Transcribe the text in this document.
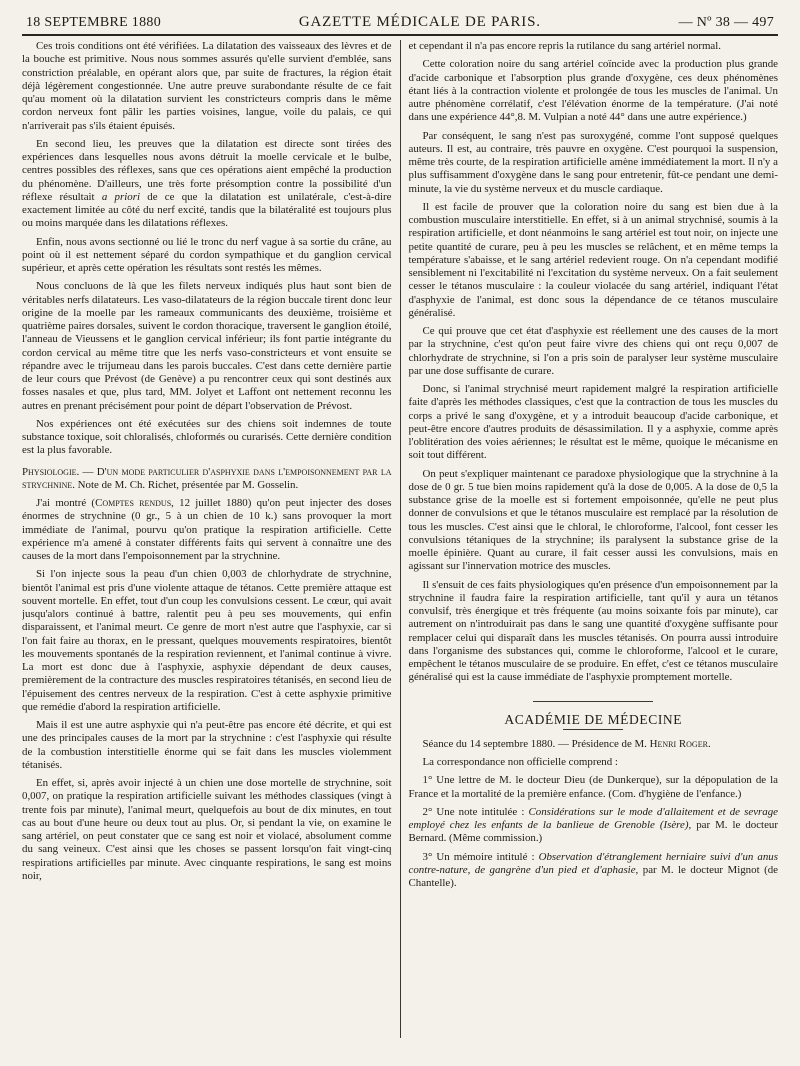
18 SEPTEMBRE 1880	GAZETTE MÉDICALE DE PARIS.	— Nº 38 — 497

Ces trois conditions ont été vérifiées. La dilatation des vaisseaux des lèvres et de la bouche est primitive. Nous nous sommes assurés qu'elle survient d'emblée, sans constriction préalable, en opérant alors que, par suite de fractures, la région était déjà légèrement congestionnée. Une autre preuve surabondante résulte de ce fait qu'au moment où la dilatation survient les constricteurs compris dans le même cordon nerveux font pâlir les parties voisines, langue, voile du palais, ce qui n'arriverait pas s'ils étaient épuisés.

En second lieu, les preuves que la dilatation est directe sont tirées des expériences dans lesquelles nous avons détruit la moelle cervicale et le bulbe, centres possibles des réflexes, sans que ces opérations aient empêché la production du phénomène. D'ailleurs, une très forte présomption contre la possibilité d'un réflexe résultait a priori de ce que la dilatation est unilatérale, c'est-à-dire exactement limitée au côté du nerf excité, tandis que la bilatéralité est toujours plus ou moins marquée dans les dilatations réflexes.

Enfin, nous avons sectionné ou lié le tronc du nerf vague à sa sortie du crâne, au point où il est nettement séparé du cordon sympathique et du ganglion cervical supérieur, et après cette opération les résultats sont restés les mêmes.

Nous concluons de là que les filets nerveux indiqués plus haut sont bien de véritables nerfs dilatateurs. Les vaso-dilatateurs de la région buccale tirent donc leur origine de la moelle par les rameaux communicants des deuxième, troisième et quatrième paires dorsales, suivent le cordon thoracique, traversent le ganglion étoilé, l'anneau de Vieussens et le ganglion cervical inférieur; ils font partie intégrante du cordon cervical au même titre que les nerfs vaso-constricteurs et vont ensuite se répandre avec le trijumeau dans les parois buccales. C'est dans cette dernière partie de leur cours que Prévost (de Genève) a pu rencontrer ceux qui sont destinés aux fosses nasales et que, plus tard, MM. Jolyet et Laffont ont nettement reconnu les autres en prenant précisément pour point de départ l'observation de Prévost.

Nos expériences ont été exécutées sur des chiens soit indemnes de toute substance toxique, soit chloralisés, chloformés ou curarisés. Cette dernière condition est la plus favorable.

Physiologie. — D'un mode particulier d'asphyxie dans l'empoisonnement par la strychnine. Note de M. Ch. Richet, présentée par M. Gosselin.

J'ai montré (Comptes rendus, 12 juillet 1880) qu'on peut injecter des doses énormes de strychnine (0 gr., 5 à un chien de 10 k.) sans provoquer la mort immédiate de l'animal, pourvu qu'on pratique la respiration artificielle. Cette expérience m'a amené à constater différents faits qui servent à connaître une des causes de la mort dans l'empoisonnement par la strychnine.

Si l'on injecte sous la peau d'un chien 0,003 de chlorhydrate de strychnine, bientôt l'animal est pris d'une violente attaque de tétanos. Cette première attaque est souvent mortelle. En effet, tout d'un coup les convulsions cessent. Le cœur, qui avait jusqu'alors continué à battre, ralentit peu à peu ses mouvements, qui enfin disparaissent, et l'animal meurt. Ce genre de mort n'est autre que l'asphyxie, car si l'on fait faire au thorax, en le pressant, quelques mouvements respiratoires, bientôt les mouvements spontanés de la respiration reviennent, et l'animal continue à vivre. La mort est donc due à l'asphyxie, asphyxie dépendant de deux causes, premièrement de la contracture des muscles respiratoires tétanisés, en second lieu de l'épuisement des centres nerveux de la respiration. C'est à cette asphyxie primitive que remédie d'abord la respiration artificielle.

Mais il est une autre asphyxie qui n'a peut-être pas encore été décrite, et qui est une des principales causes de la mort par la strychnine : c'est l'asphyxie qui résulte de la combustion interstitielle énorme qui se fait dans les muscles violemment tétanisés.

En effet, si, après avoir injecté à un chien une dose mortelle de strychnine, soit 0,007, on pratique la respiration artificielle suivant les méthodes classiques (vingt à trente fois par minute), l'animal meurt, quelquefois au bout de dix minutes, en tout cas au bout d'une heure ou deux tout au plus. Or, si pendant la vie, on examine le sang artériel, on peut constater que ce sang est noir et violacé, absolument comme du sang veineux. C'est ainsi que les choses se passent lorsqu'on fait vingt-cinq respirations artificielles par minute. Avec cinquante respirations, le sang est moins noir,

et cependant il n'a pas encore repris la rutilance du sang artériel normal.

Cette coloration noire du sang artériel coïncide avec la production plus grande d'acide carbonique et l'absorption plus grande d'oxygène, ces deux phénomènes étant liés à la contraction violente et prolongée de tous les muscles de l'animal. Un autre phénomène corrélatif, c'est l'élévation énorme de la température. (J'ai noté dans une expérience 44°,8. M. Vulpian a noté 44° dans une autre expérience.)

Par conséquent, le sang n'est pas suroxygéné, comme l'ont supposé quelques auteurs. Il est, au contraire, très pauvre en oxygène. C'est pourquoi la suspension, même très courte, de la respiration artificielle amène immédiatement la mort. Il n'y a plus suffisamment d'oxygène dans le sang pour entretenir, fût-ce pendant une demi-minute, la vie du système nerveux et du muscle cardiaque.

Il est facile de prouver que la coloration noire du sang est bien due à la combustion musculaire interstitielle. En effet, si à un animal strychnisé, soumis à la respiration artificielle, et dont néanmoins le sang artériel est tout noir, on injecte une petite quantité de curare, peu à peu les muscles se relâchent, et en même temps la température s'abaisse, et le sang artériel redevient rouge. On n'a cependant modifié sensiblement ni l'excitabilité ni l'excitation du système nerveux. On a fait seulement cesser le tétanos musculaire : la couleur violacée du sang artériel, indiquant l'état d'asphyxie de l'animal, est donc sous la dépendance de ce tétanos musculaire généralisé.

Ce qui prouve que cet état d'asphyxie est réellement une des causes de la mort par la strychnine, c'est qu'on peut faire vivre des chiens qui ont reçu 0,007 de chlorhydrate de strychnine, si l'on a pris soin de paralyser leur système musculaire par une dose suffisante de curare.

Donc, si l'animal strychnisé meurt rapidement malgré la respiration artificielle faite d'après les méthodes classiques, c'est que la contraction de tous les muscles du corps a privé le sang d'oxygène, et y a introduit beaucoup d'acide carbonique, et peut-être encore d'autres produits de désassimilation. Il y a asphyxie, comme après l'oblitération des voies aériennes; le résultat est le même, quoique le mécanisme en soit tout différent.

On peut s'expliquer maintenant ce paradoxe physiologique que la strychnine à la dose de 0 gr. 5 tue bien moins rapidement qu'à la dose de 0,005. A la dose de 0,5 la substance grise de la moelle est si fortement empoisonnée, qu'elle ne peut plus donner de convulsions et que le tétanos musculaire est remplacé par la résolution de tous les muscles. C'est ainsi que le chloral, le chloroforme, l'alcool, font cesser les convulsions tétaniques de la strychnine; ils paralysent la substance grise de la moelle épinière. Quant au curare, il fait cesser aussi les convulsions, mais en agissant sur l'innervation motrice des muscles.

Il s'ensuit de ces faits physiologiques qu'en présence d'un empoisonnement par la strychnine il faudra faire la respiration artificielle, tant qu'il y aura un tétanos convulsif, très énergique et très fréquente (au moins soixante fois par minute), car autrement on n'introduirait pas dans le sang une quantité d'oxygène suffisante pour remplacer celui qui disparaît dans les muscles tétanisés. On pourra aussi introduire dans l'organisme des substances qui, comme le chloroforme, l'alcool et le curare, empêchent le tétanos musculaire de se produire. En effet, c'est ce tétanos musculaire généralisé qui est la cause immédiate de l'asphyxie promptement mortelle.

ACADÉMIE DE MÉDECINE

Séance du 14 septembre 1880. — Présidence de M. Henri Roger.

La correspondance non officielle comprend :

1° Une lettre de M. le docteur Dieu (de Dunkerque), sur la dépopulation de la France et la mortalité de la première enfance. (Com. d'hygiène de l'enfance.)

2° Une note intitulée : Considérations sur le mode d'allaitement et de sevrage employé chez les enfants de la banlieue de Grenoble (Isère), par M. le docteur Bernard. (Même commission.)

3° Un mémoire intitulé : Observation d'étranglement herniaire suivi d'un anus contre-nature, de gangrène d'un pied et d'aphasie, par M. le docteur Mignot (de Chantelle).
